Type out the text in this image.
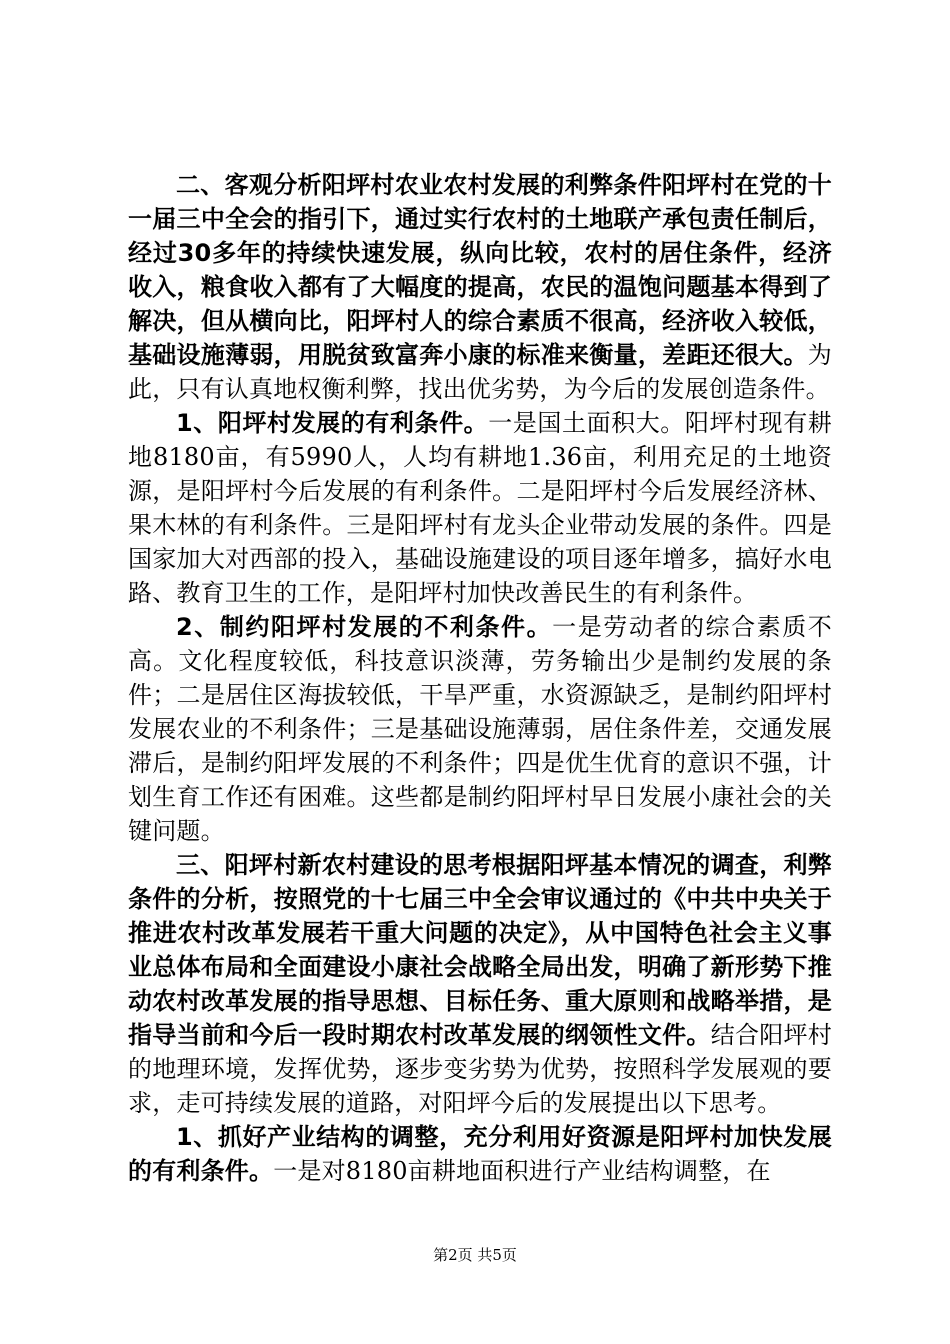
二、客观分析阳坪村农业农村发展的利弊条件阳坪村在党的十一届三中全会的指引下，通过实行农村的土地联产承包责任制后，经过30多年的持续快速发展，纵向比较，农村的居住条件，经济收入，粮食收入都有了大幅度的提高，农民的温饱问题基本得到了解决，但从横向比，阳坪村人的综合素质不很高，经济收入较低，基础设施薄弱，用脱贫致富奔小康的标准来衡量，差距还很大。为此，只有认真地权衡利弊，找出优劣势，为今后的发展创造条件。

1、阳坪村发展的有利条件。一是国土面积大。阳坪村现有耕地8180亩，有5990人，人均有耕地1.36亩，利用充足的土地资源，是阳坪村今后发展的有利条件。二是阳坪村今后发展经济林、果木林的有利条件。三是阳坪村有龙头企业带动发展的条件。四是国家加大对西部的投入，基础设施建设的项目逐年增多，搞好水电路、教育卫生的工作，是阳坪村加快改善民生的有利条件。

2、制约阳坪村发展的不利条件。一是劳动者的综合素质不高。文化程度较低，科技意识淡薄，劳务输出少是制约发展的条件；二是居住区海拔较低，干旱严重，水资源缺乏，是制约阳坪村发展农业的不利条件；三是基础设施薄弱，居住条件差，交通发展滞后，是制约阳坪发展的不利条件；四是优生优育的意识不强，计划生育工作还有困难。这些都是制约阳坪村早日发展小康社会的关键问题。

三、阳坪村新农村建设的思考根据阳坪基本情况的调查，利弊条件的分析，按照党的十七届三中全会审议通过的《中共中央关于推进农村改革发展若干重大问题的决定》，从中国特色社会主义事业总体布局和全面建设小康社会战略全局出发，明确了新形势下推动农村改革发展的指导思想、目标任务、重大原则和战略举措，是指导当前和今后一段时期农村改革发展的纲领性文件。结合阳坪村的地理环境，发挥优势，逐步变劣势为优势，按照科学发展观的要求，走可持续发展的道路，对阳坪今后的发展提出以下思考。

1、抓好产业结构的调整，充分利用好资源是阳坪村加快发展的有利条件。一是对8180亩耕地面积进行产业结构调整，在

第2页 共5页
